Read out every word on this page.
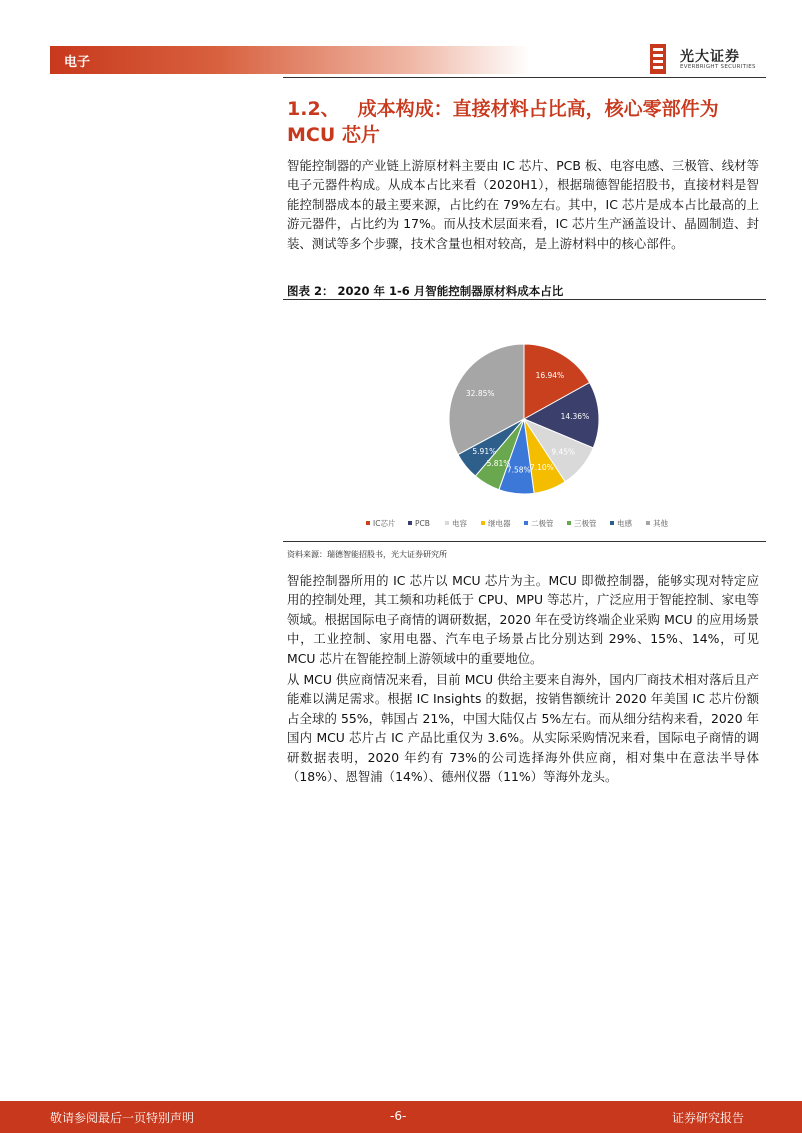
电子	光大证券
EVERBRIGHT SECURITIES
1.2、 成本构成：直接材料占比高，核心零部件为 MCU 芯片
智能控制器的产业链上游原材料主要由 IC 芯片、PCB 板、电容电感、三极管、线材等电子元器件构成。从成本占比来看（2020H1），根据瑞德智能招股书，直接材料是智能控制器成本的最主要来源，占比约在 79%左右。其中，IC 芯片是成本占比最高的上游元器件，占比约为 17%。而从技术层面来看，IC 芯片生产涵盖设计、晶圆制造、封装、测试等多个步骤，技术含量也相对较高，是上游材料中的核心部件。
图表 2： 2020 年 1-6 月智能控制器原材料成本占比
16.94%
14.36%
9.45%
7.10%
7.58%
5.81%
5.91%
32.85%
IC芯片	PCB	电容	继电器	二极管	三极管	电感	其他
资料来源：瑞德智能招股书，光大证券研究所
智能控制器所用的 IC 芯片以 MCU 芯片为主。MCU 即微控制器，能够实现对特定应用的控制处理，其工频和功耗低于 CPU、MPU 等芯片，广泛应用于智能控制、家电等领域。根据国际电子商情的调研数据，2020 年在受访终端企业采购 MCU 的应用场景中，工业控制、家用电器、汽车电子场景占比分别达到 29%、15%、14%，可见 MCU 芯片在智能控制上游领域中的重要地位。
从 MCU 供应商情况来看，目前 MCU 供给主要来自海外，国内厂商技术相对落后且产能难以满足需求。根据 IC Insights 的数据，按销售额统计 2020 年美国 IC 芯片份额占全球的 55%，韩国占 21%，中国大陆仅占 5%左右。而从细分结构来看，2020 年国内 MCU 芯片占 IC 产品比重仅为 3.6%。从实际采购情况来看，国际电子商情的调研数据表明，2020 年约有 73%的公司选择海外供应商，相对集中在意法半导体（18%）、恩智浦（14%）、德州仪器（11%）等海外龙头。
敬请参阅最后一页特别声明	-6-	证券研究报告
